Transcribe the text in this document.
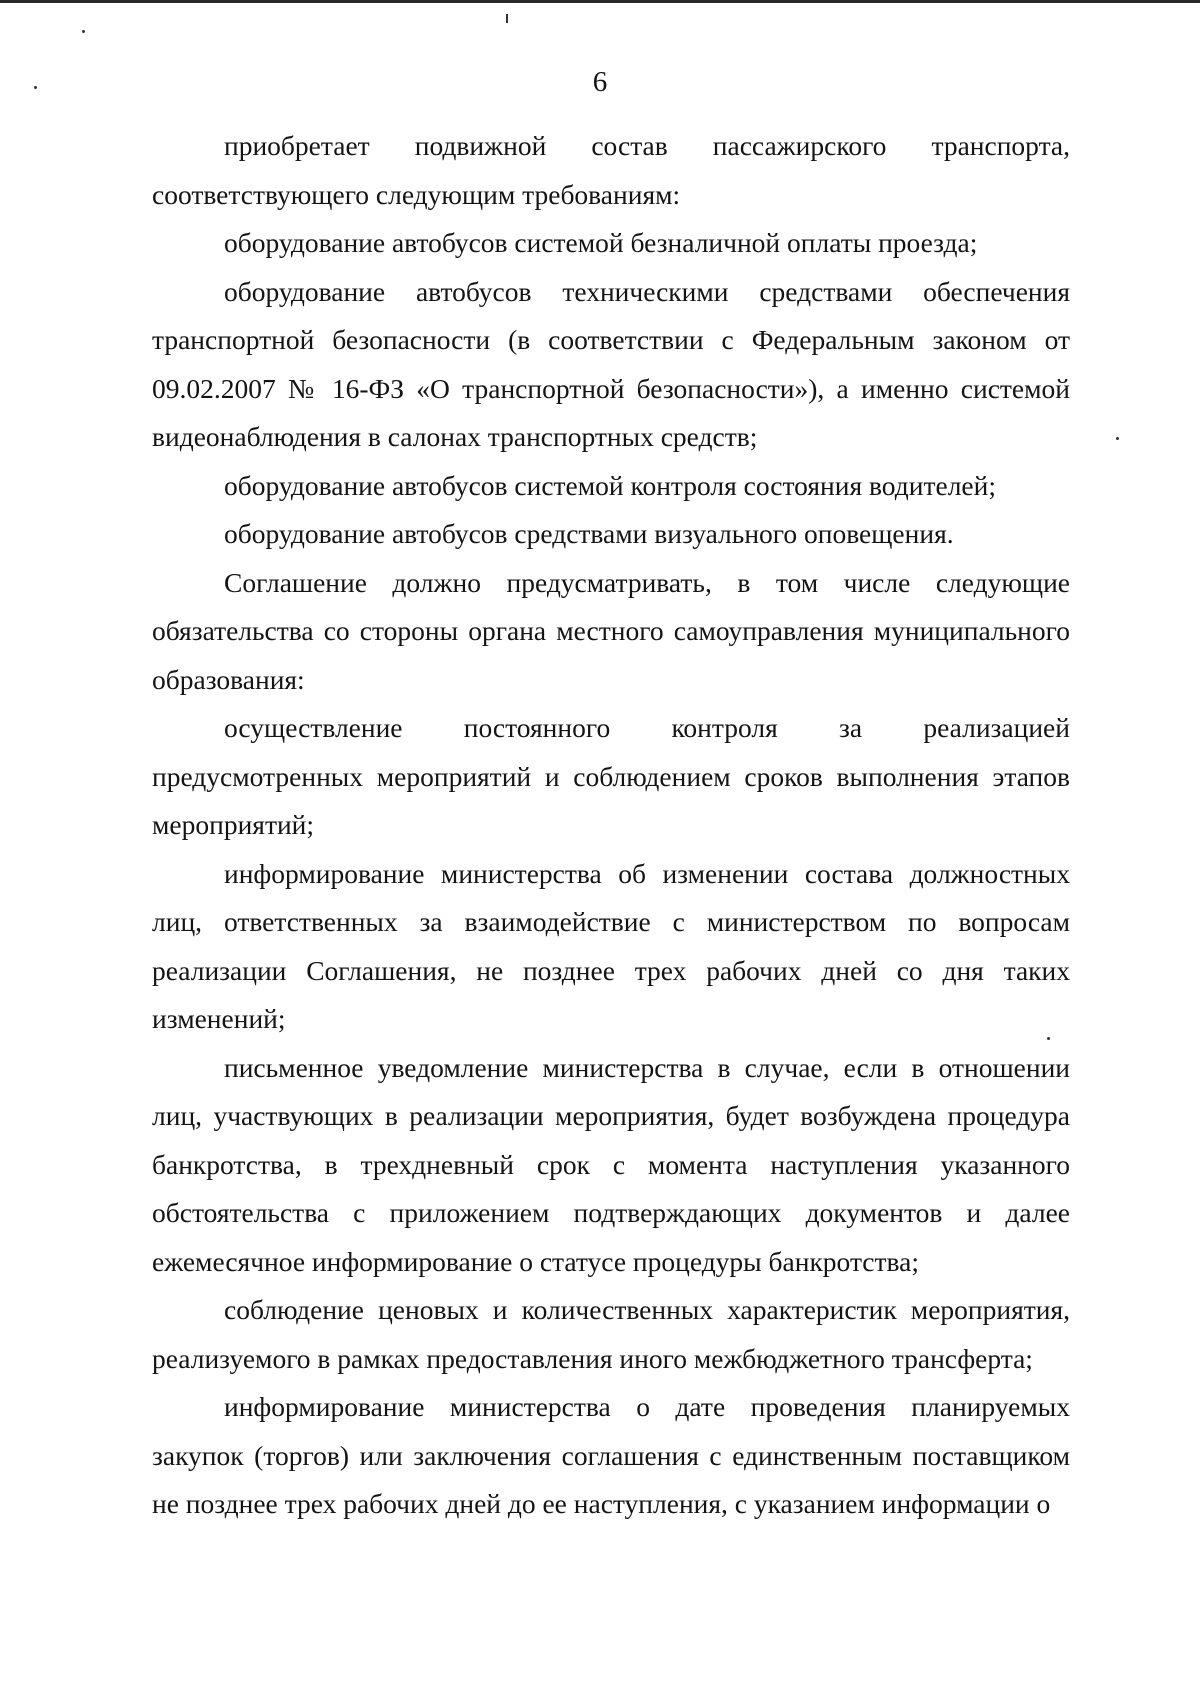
6

приобретает подвижной состав пассажирского транспорта, соответствующего следующим требованиям:

оборудование автобусов системой безналичной оплаты проезда;

оборудование автобусов техническими средствами обеспечения транспортной безопасности (в соответствии с Федеральным законом от 09.02.2007 № 16-ФЗ «О транспортной безопасности»), а именно системой видеонаблюдения в салонах транспортных средств;

оборудование автобусов системой контроля состояния водителей;

оборудование автобусов средствами визуального оповещения.

Соглашение должно предусматривать, в том числе следующие обязательства со стороны органа местного самоуправления муниципального образования:

осуществление постоянного контроля за реализацией предусмотренных мероприятий и соблюдением сроков выполнения этапов мероприятий;

информирование министерства об изменении состава должностных лиц, ответственных за взаимодействие с министерством по вопросам реализации Соглашения, не позднее трех рабочих дней со дня таких изменений;

письменное уведомление министерства в случае, если в отношении лиц, участвующих в реализации мероприятия, будет возбуждена процедура банкротства, в трехдневный срок с момента наступления указанного обстоятельства с приложением подтверждающих документов и далее ежемесячное информирование о статусе процедуры банкротства;

соблюдение ценовых и количественных характеристик мероприятия, реализуемого в рамках предоставления иного межбюджетного трансферта;

информирование министерства о дате проведения планируемых закупок (торгов) или заключения соглашения с единственным поставщиком не позднее трех рабочих дней до ее наступления, с указанием информации о
